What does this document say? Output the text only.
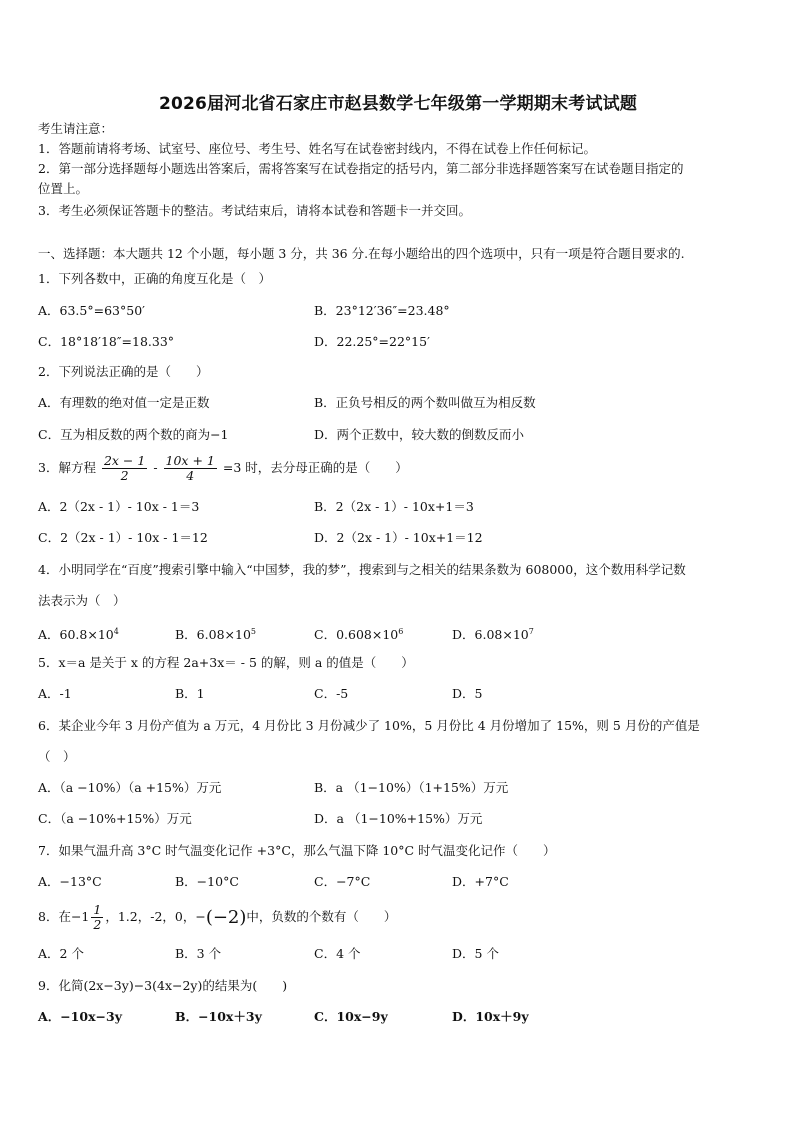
2026届河北省石家庄市赵县数学七年级第一学期期末考试试题
考生请注意：
1．答题前请将考场、试室号、座位号、考生号、姓名写在试卷密封线内，不得在试卷上作任何标记。
2．第一部分选择题每小题选出答案后，需将答案写在试卷指定的括号内，第二部分非选择题答案写在试卷题目指定的
位置上。
3．考生必须保证答题卡的整洁。考试结束后，请将本试卷和答题卡一并交回。
一、选择题：本大题共 12 个小题，每小题 3 分，共 36 分.在每小题给出的四个选项中，只有一项是符合题目要求的.
1．下列各数中，正确的角度互化是（　）
A．63.5°=63°50′	B．23°12′36″=23.48°
C．18°18′18″=18.33°	D．22.25°=22°15′
2．下列说法正确的是（　　）
A．有理数的绝对值一定是正数	B．正负号相反的两个数叫做互为相反数
C．互为相反数的两个数的商为−1	D．两个正数中，较大数的倒数反而小
3．解方程 $\frac{2x - 1}{2} - \frac{10x + 1}{4} =3$ 时，去分母正确的是（　　）
A．2（2x - 1）- 10x - 1＝3	B．2（2x - 1）- 10x+1＝3
C．2（2x - 1）- 10x - 1＝12	D．2（2x - 1）- 10x+1＝12
4．小明同学在“百度”搜索引擎中输入“中国梦，我的梦”，搜索到与之相关的结果条数为 608000，这个数用科学记数
法表示为（　）
A．$60.8\times 10^4$	B．$6.08\times 10^5$	C．$0.608\times 10^6$	D．$6.08\times 10^7$
5．x＝a 是关于 x 的方程 2a+3x＝ - 5 的解，则 a 的值是（　　）
A．-1	B．1	C．-5	D．5
6．某企业今年 3 月份产值为 a 万元，4 月份比 3 月份减少了 10%，5 月份比 4 月份增加了 15%，则 5 月份的产值是
（　）
A．（a −10%）（a +15%）万元	B．a （1−10%）（1+15%）万元
C．（a −10%+15%）万元	D．a （1−10%+15%）万元
7．如果气温升高 3°C 时气温变化记作 +3°C，那么气温下降 10°C 时气温变化记作（　　）
A．−13°C	B．−10°C	C．−7°C	D．+7°C
8．在$-1 \frac{1}{2}$ ，1.2，-2，0，−(−2)中，负数的个数有（　　）
A．2 个	B．3 个	C．4 个	D．5 个
9．化简(2x−3y)−3(4x−2y)的结果为(　　)
A．−10x−3y	B．−10x＋3y	C．10x−9y	D．10x＋9y
